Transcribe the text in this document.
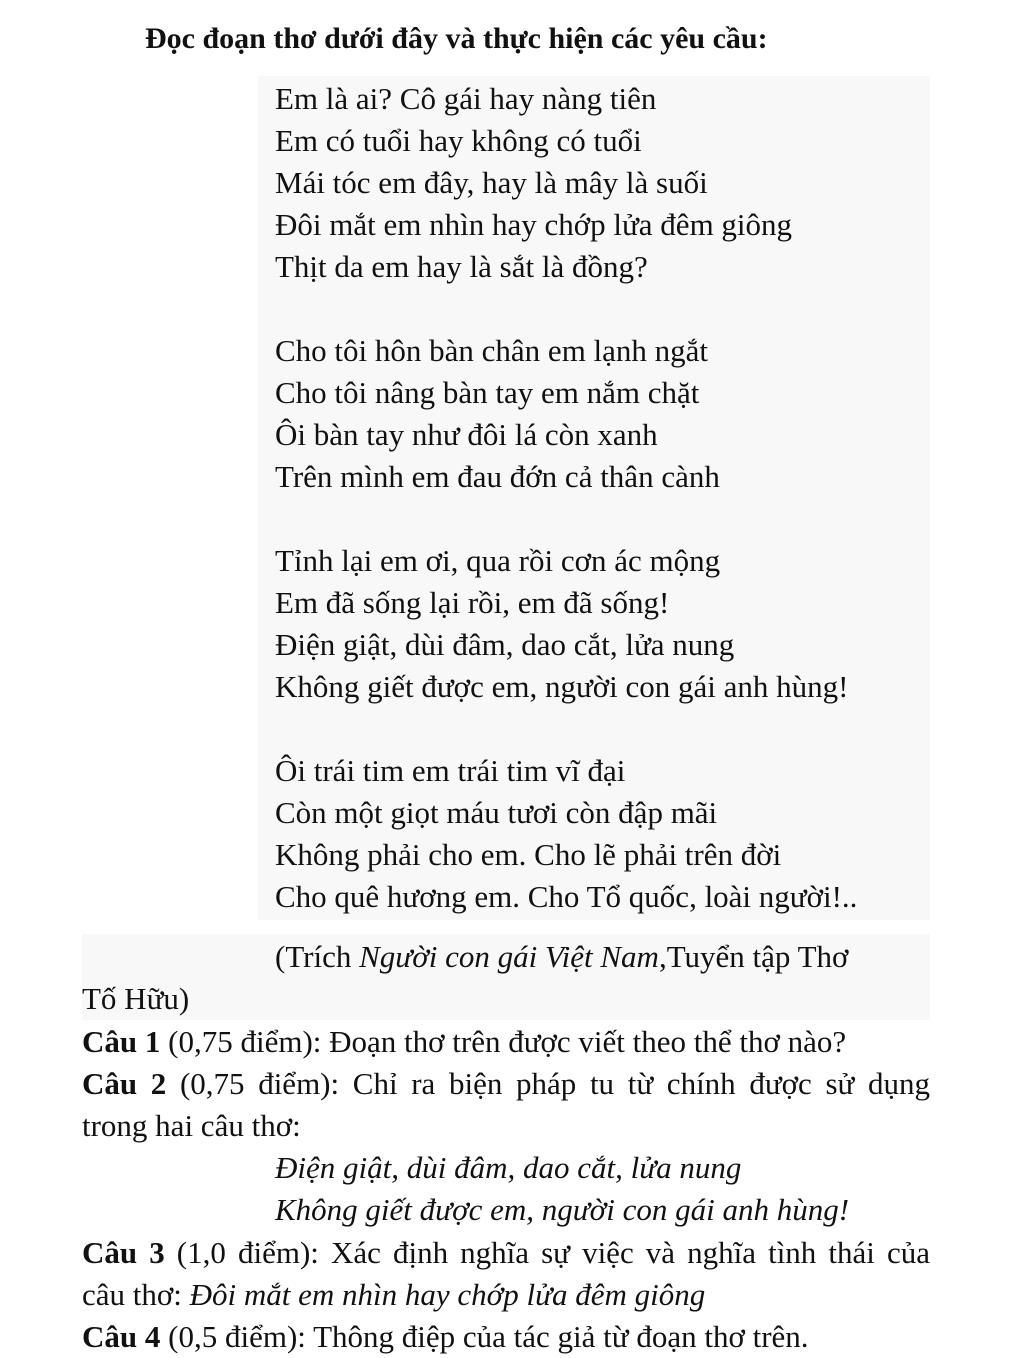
Đọc đoạn thơ dưới đây và thực hiện các yêu cầu:
Em là ai? Cô gái hay nàng tiên
Em có tuổi hay không có tuổi
Mái tóc em đây, hay là mây là suối
Đôi mắt em nhìn hay chớp lửa đêm giông
Thịt da em hay là sắt là đồng?
Cho tôi hôn bàn chân em lạnh ngắt
Cho tôi nâng bàn tay em nắm chặt
Ôi bàn tay như đôi lá còn xanh
Trên mình em đau đớn cả thân cành
Tỉnh lại em ơi, qua rồi cơn ác mộng
Em đã sống lại rồi, em đã sống!
Điện giật, dùi đâm, dao cắt, lửa nung
Không giết được em, người con gái anh hùng!
Ôi trái tim em trái tim vĩ đại
Còn một giọt máu tươi còn đập mãi
Không phải cho em. Cho lẽ phải trên đời
Cho quê hương em. Cho Tổ quốc, loài người!..
(Trích Người con gái Việt Nam,Tuyển tập Thơ
Tố Hữu)
Câu 1 (0,75 điểm): Đoạn thơ trên được viết theo thể thơ nào?
Câu 2 (0,75 điểm): Chỉ ra biện pháp tu từ chính được sử dụng
trong hai câu thơ:
Điện giật, dùi đâm, dao cắt, lửa nung
Không giết được em, người con gái anh hùng!
Câu 3 (1,0 điểm): Xác định nghĩa sự việc và nghĩa tình thái của
câu thơ: Đôi mắt em nhìn hay chớp lửa đêm giông
Câu 4 (0,5 điểm): Thông điệp của tác giả từ đoạn thơ trên.
